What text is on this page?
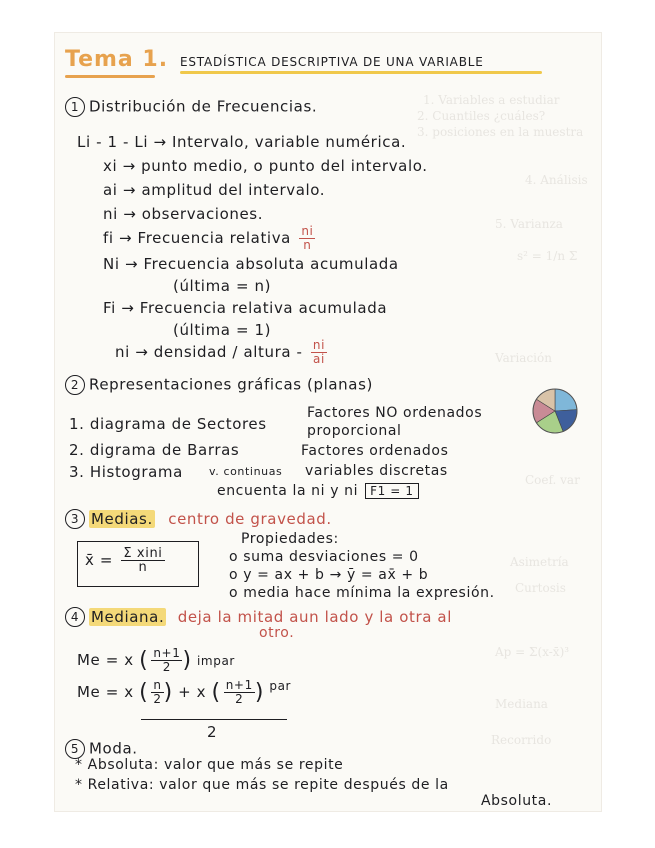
1. Variables a estudiar
2. Cuantiles ¿cuáles?
3. posiciones en la muestra
4. Análisis
5. Varianza
s² = 1/n Σ
Variación
Coef. var
Asimetría
Curtosis
Ap = Σ(x-x̄)³
Mediana
Recorrido
Tema 1. ESTADÍSTICA DESCRIPTIVA DE UNA VARIABLE
1 Distribución de Frecuencias.
Li - 1 - Li → Intervalo, variable numérica.
xi → punto medio, o punto del intervalo.
ai → amplitud del intervalo.
ni → observaciones.
fi → Frecuencia relativa $\frac{ni}{n}$
Ni → Frecuencia absoluta acumulada
(última = n)
Fi → Frecuencia relativa acumulada
(última = 1)
ni → densidad / altura - $\frac{ni}{ai}$
2 Representaciones gráficas (planas)
1. diagrama de Sectores
Factores NO ordenados
proporcional
2. digrama de Barras	Factores ordenados
3. Histograma v. continuas variables discretas
encuenta la ni y ni F1 = 1
3 Medias. centro de gravedad.
x̄ = $\frac{\text{Σ xini}}{n}$
Propiedades:
o suma desviaciones = 0
o y = ax + b → ȳ = ax̄ + b
o media hace mínima la expresión.
4 Mediana. deja la mitad aun lado y la otra al
otro.
Me = x ( $\frac{n+1}{2}$ ) impar
Me = x ( $\frac{n}{2}$ ) + x ( $\frac{n+1}{2}$ ) $^{par}$
2
5 Moda.
* Absoluta: valor que más se repite
* Relativa: valor que más se repite después de la
Absoluta.
